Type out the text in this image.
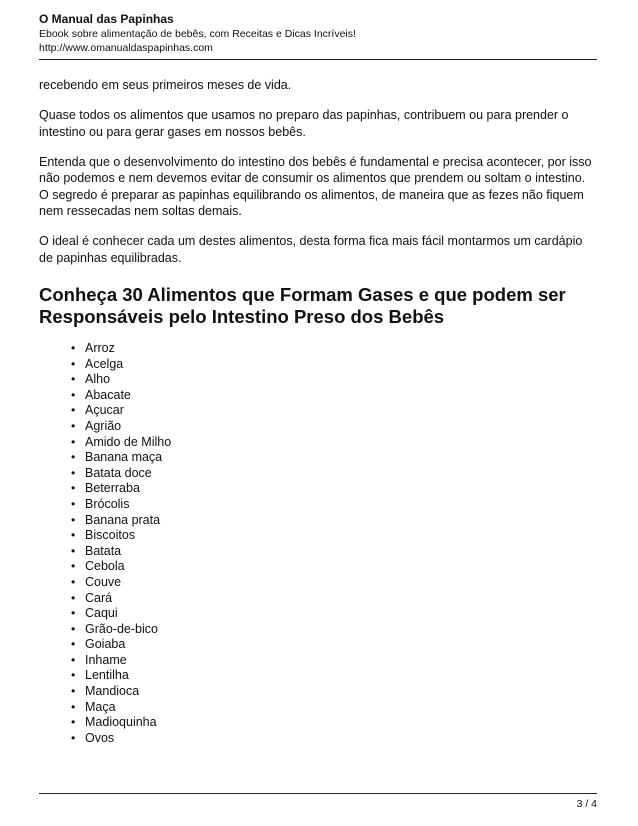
O Manual das Papinhas

Ebook sobre alimentação de bebês, com Receitas e Dicas Incríveis!

http://www.omanualdaspapinhas.com

recebendo em seus primeiros meses de vida.

Quase todos os alimentos que usamos no preparo das papinhas, contribuem ou para prender o intestino ou para gerar gases em nossos bebês.

Entenda que o desenvolvimento do intestino dos bebês é fundamental e precisa acontecer, por isso não podemos e nem devemos evitar de consumir os alimentos que prendem ou soltam o intestino. O segredo é preparar as papinhas equilibrando os alimentos, de maneira que as fezes não fiquem nem ressecadas nem soltas demais.

O ideal é conhecer cada um destes alimentos, desta forma fica mais fácil montarmos um cardápio de papinhas equilibradas.

Conheça 30 Alimentos que Formam Gases e que podem ser Responsáveis pelo Intestino Preso dos Bebês
• Arroz
• Acelga
• Alho
• Abacate
• Açucar
• Agrião
• Amido de Milho
• Banana maça
• Batata doce
• Beterraba
• Brócolis
• Banana prata
• Biscoitos
• Batata
• Cebola
• Couve
• Cará
• Caqui
• Grão-de-bico
• Goiaba
• Inhame
• Lentilha
• Mandioca
• Maça
• Madioquinha
• Ovos
3 / 4
